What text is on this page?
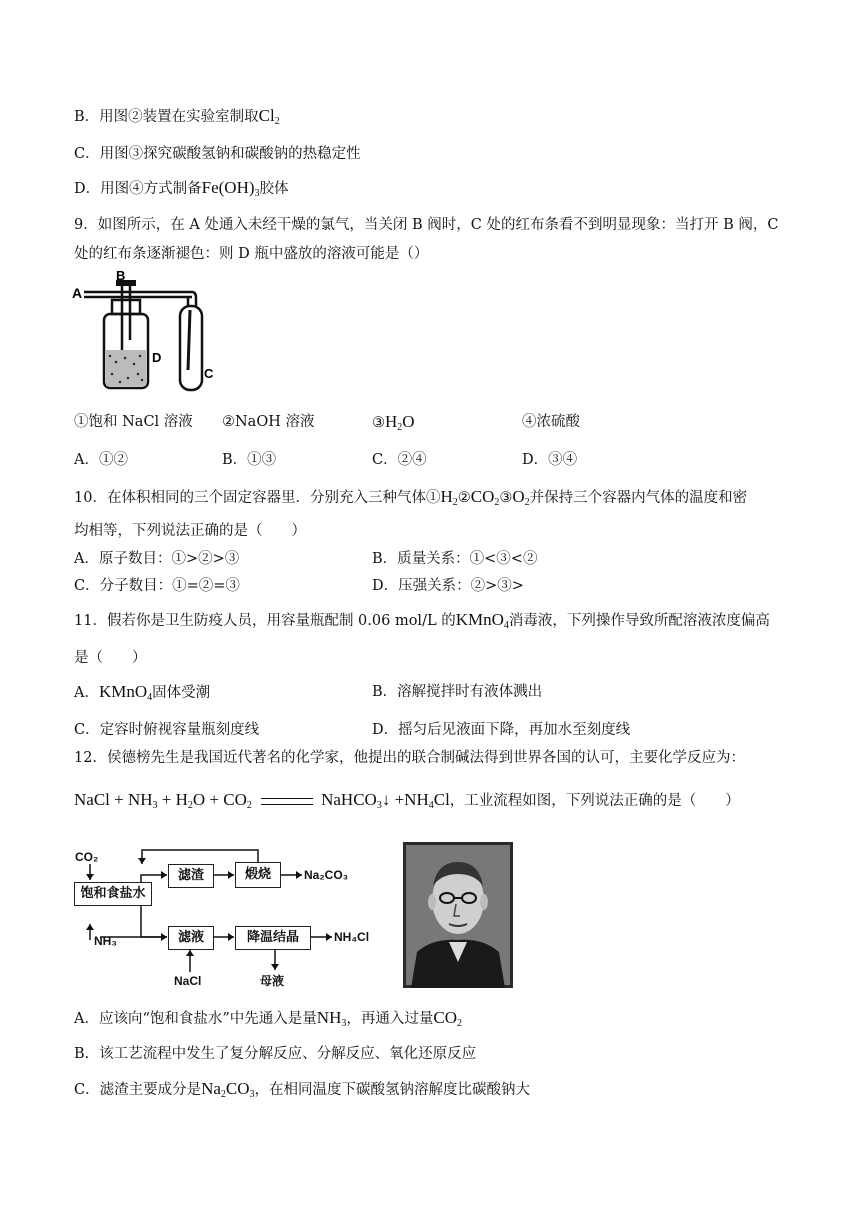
B．用图②装置在实验室制取$Cl_2$
C．用图③探究碳酸氢钠和碳酸钠的热稳定性
D．用图④方式制备$Fe(OH)_3$胶体
9．如图所示，在 A 处通入未经干燥的氯气，当关闭 B 阀时，C 处的红布条看不到明显现象：当打开 B 阀，C
处的红布条逐渐褪色：则 D 瓶中盛放的溶液可能是（）
A
B
D
C
①饱和 NaCl 溶液 ②NaOH 溶液	$③H_2O$	④浓硫酸
A．①②	B．①③	C．②④	D．③④
10．在体积相同的三个固定容器里．分别充入三种气体$①H_2②CO_2③O_2$并保持三个容器内气体的温度和密
均相等，下列说法正确的是（　　）
A．原子数目：①>②>③	B．质量关系：①<③<②
C．分子数目：①=②=③	D．压强关系：②>③>
11．假若你是卫生防疫人员，用容量瓶配制 0.06 mol/L 的KMnO$_4$消毒液，下列操作导致所配溶液浓度偏高
是（　　）
A．KMnO$_4$固体受潮	B．溶解搅拌时有液体溅出
C．定容时俯视容量瓶刻度线	D．摇匀后见液面下降，再加水至刻度线
12．侯德榜先生是我国近代著名的化学家，他提出的联合制碱法得到世界各国的认可，主要化学反应为：
NaCl + $NH_3 + H_2O + CO_2$	NaHCO$_3$↓ $+NH_4Cl$，工业流程如图，下列说法正确的是（　　）
CO₂
饱和食盐水
NH₃
滤渣	煅烧	Na₂CO₃
滤液	降温结晶	NH₄Cl
NaCl	母液
A．应该向“饱和食盐水”中先通入是量$NH_3$，再通入过量$CO_2$
B．该工艺流程中发生了复分解反应、分解反应、氧化还原反应
C．滤渣主要成分是$Na_2CO_3$，在相同温度下碳酸氢钠溶解度比碳酸钠大
